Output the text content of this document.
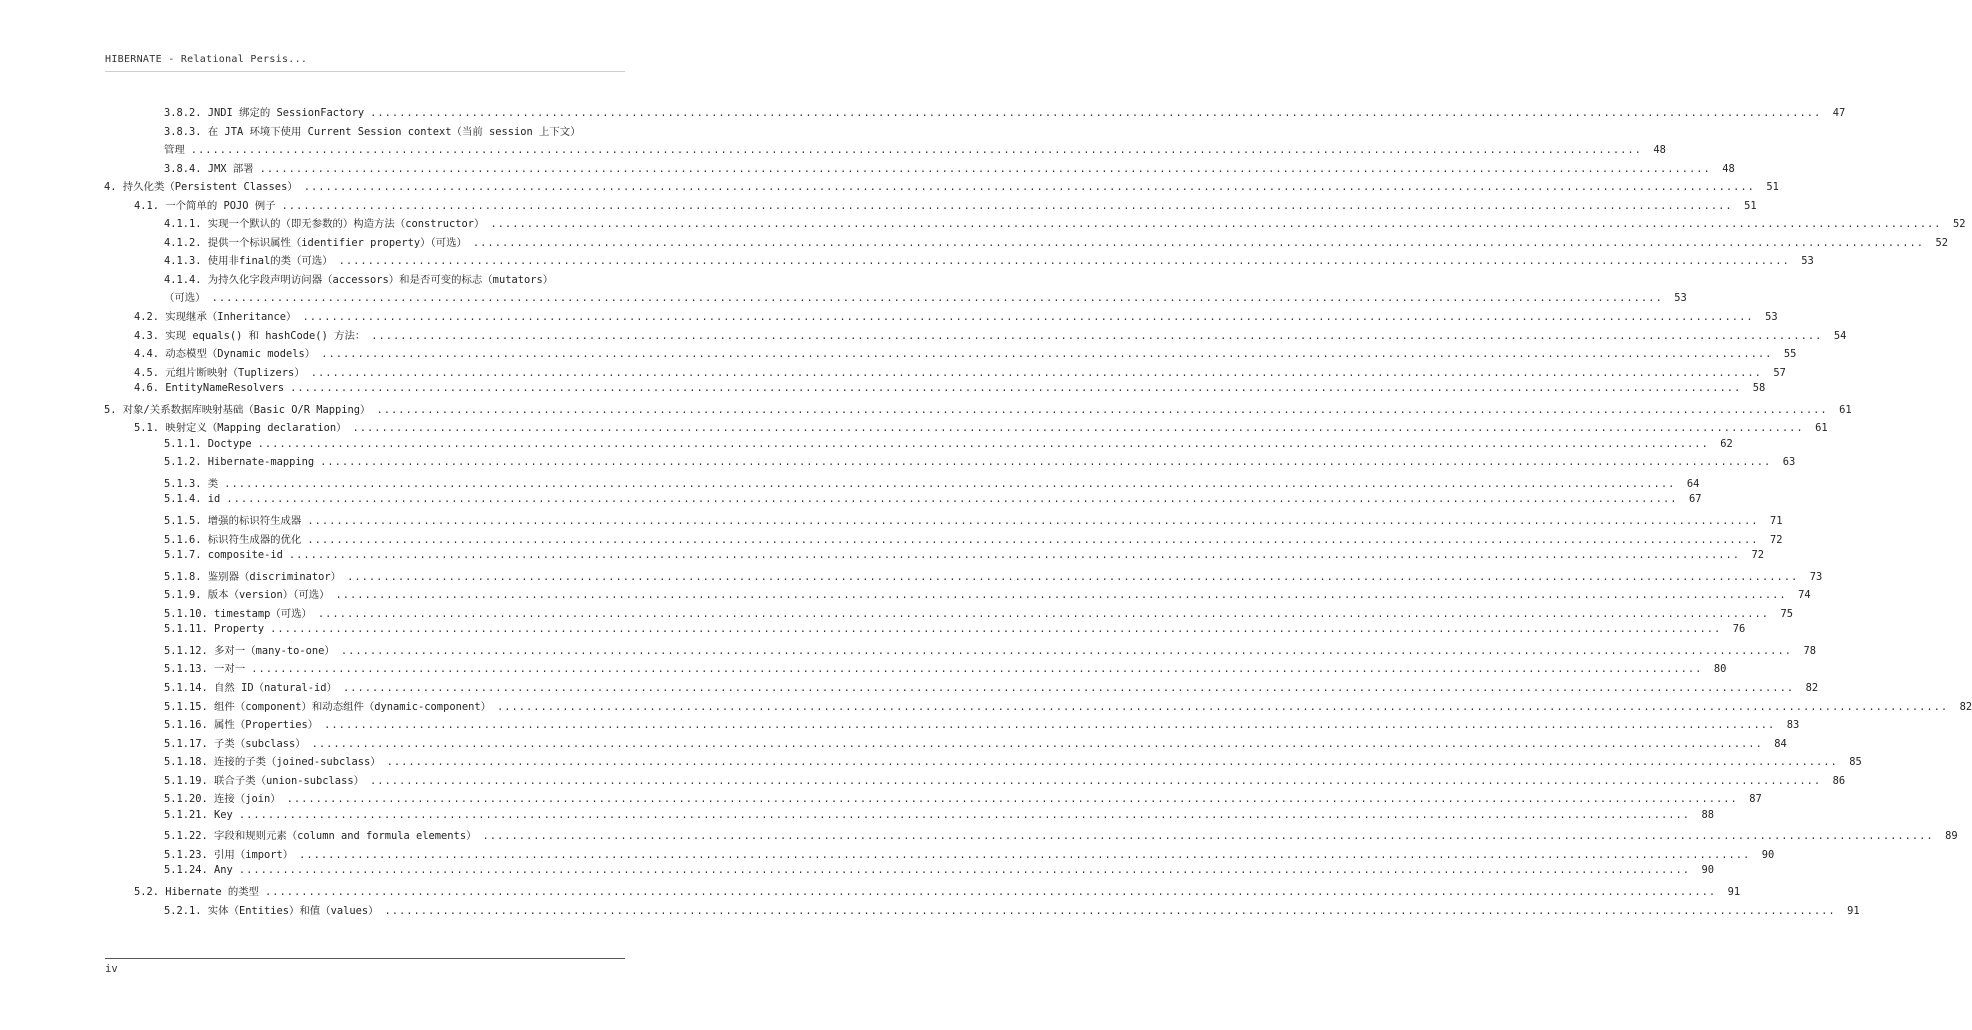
HIBERNATE - Relational Persis...
3.8.2. JNDI 绑定的 SessionFactory ........................................................................................................................................................................................................	47
3.8.3. 在 JTA 环境下使用 Current Session context（当前 session 上下文）
管理 ........................................................................................................................................................................................................	48
3.8.4. JMX 部署 ........................................................................................................................................................................................................	48
4. 持久化类（Persistent Classes） ........................................................................................................................................................................................................	51
4.1. 一个简单的 POJO 例子 ........................................................................................................................................................................................................	51
4.1.1. 实现一个默认的（即无参数的）构造方法（constructor） ........................................................................................................................................................................................................	52
4.1.2. 提供一个标识属性（identifier property）（可选） ........................................................................................................................................................................................................	52
4.1.3. 使用非final的类（可选） ........................................................................................................................................................................................................	53
4.1.4. 为持久化字段声明访问器（accessors）和是否可变的标志（mutators）
（可选） ........................................................................................................................................................................................................	53
4.2. 实现继承（Inheritance） ........................................................................................................................................................................................................	53
4.3. 实现 equals() 和 hashCode() 方法： ........................................................................................................................................................................................................	54
4.4. 动态模型（Dynamic models） ........................................................................................................................................................................................................	55
4.5. 元组片断映射（Tuplizers） ........................................................................................................................................................................................................	57
4.6. EntityNameResolvers ........................................................................................................................................................................................................	58
5. 对象/关系数据库映射基础（Basic O/R Mapping） ........................................................................................................................................................................................................	61
5.1. 映射定义（Mapping declaration） ........................................................................................................................................................................................................	61
5.1.1. Doctype ........................................................................................................................................................................................................	62
5.1.2. Hibernate-mapping ........................................................................................................................................................................................................	63
5.1.3. 类 ........................................................................................................................................................................................................	64
5.1.4. id ........................................................................................................................................................................................................	67
5.1.5. 增强的标识符生成器 ........................................................................................................................................................................................................	71
5.1.6. 标识符生成器的优化 ........................................................................................................................................................................................................	72
5.1.7. composite-id ........................................................................................................................................................................................................	72
5.1.8. 鉴别器（discriminator） ........................................................................................................................................................................................................	73
5.1.9. 版本（version）（可选） ........................................................................................................................................................................................................	74
5.1.10. timestamp（可选） ........................................................................................................................................................................................................	75
5.1.11. Property ........................................................................................................................................................................................................	76
5.1.12. 多对一（many-to-one） ........................................................................................................................................................................................................	78
5.1.13. 一对一 ........................................................................................................................................................................................................	80
5.1.14. 自然 ID（natural-id） ........................................................................................................................................................................................................	82
5.1.15. 组件（component）和动态组件（dynamic-component） ........................................................................................................................................................................................................	82
5.1.16. 属性（Properties） ........................................................................................................................................................................................................	83
5.1.17. 子类（subclass） ........................................................................................................................................................................................................	84
5.1.18. 连接的子类（joined-subclass） ........................................................................................................................................................................................................	85
5.1.19. 联合子类（union-subclass） ........................................................................................................................................................................................................	86
5.1.20. 连接（join） ........................................................................................................................................................................................................	87
5.1.21. Key ........................................................................................................................................................................................................	88
5.1.22. 字段和规则元素（column and formula elements） ........................................................................................................................................................................................................	89
5.1.23. 引用（import） ........................................................................................................................................................................................................	90
5.1.24. Any ........................................................................................................................................................................................................	90
5.2. Hibernate 的类型 ........................................................................................................................................................................................................	91
5.2.1. 实体（Entities）和值（values） ........................................................................................................................................................................................................	91
iv
